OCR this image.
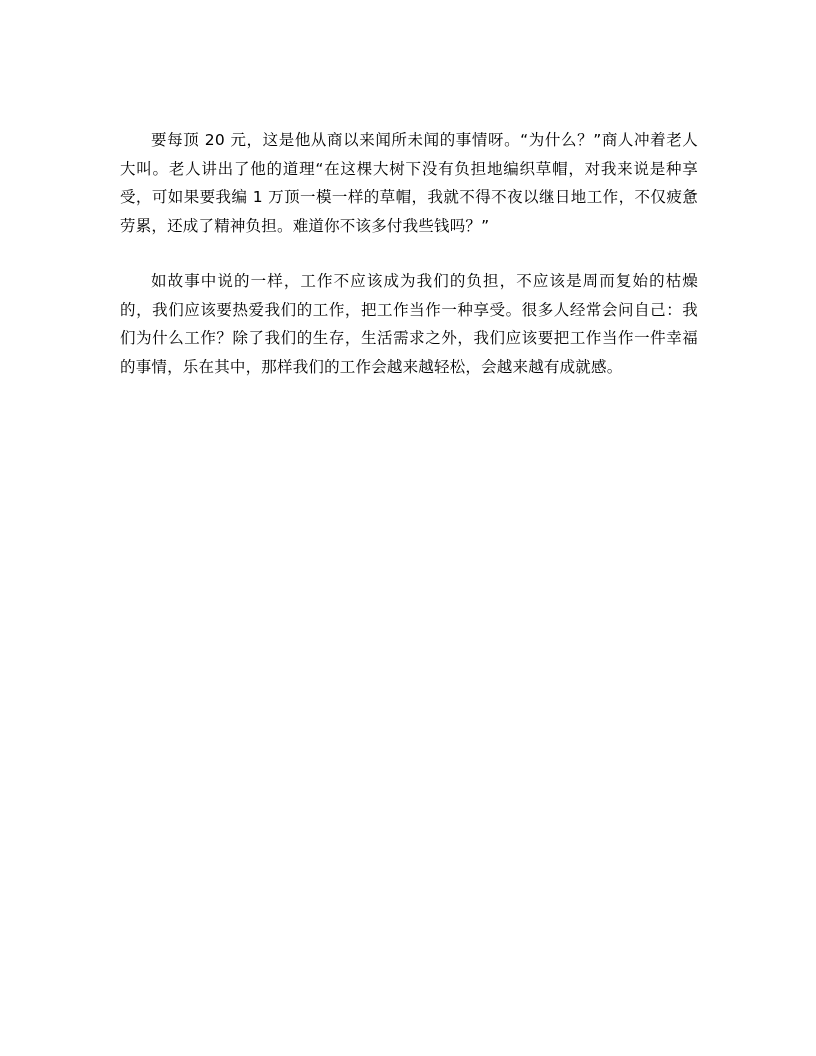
要每顶 20 元，这是他从商以来闻所未闻的事情呀。“为什么？”商人冲着老人大叫。老人讲出了他的道理“在这棵大树下没有负担地编织草帽，对我来说是种享受，可如果要我编 1 万顶一模一样的草帽，我就不得不夜以继日地工作，不仅疲惫劳累，还成了精神负担。难道你不该多付我些钱吗？”

如故事中说的一样，工作不应该成为我们的负担，不应该是周而复始的枯燥的，我们应该要热爱我们的工作，把工作当作一种享受。很多人经常会问自己：我们为什么工作？除了我们的生存，生活需求之外，我们应该要把工作当作一件幸福的事情，乐在其中，那样我们的工作会越来越轻松，会越来越有成就感。
